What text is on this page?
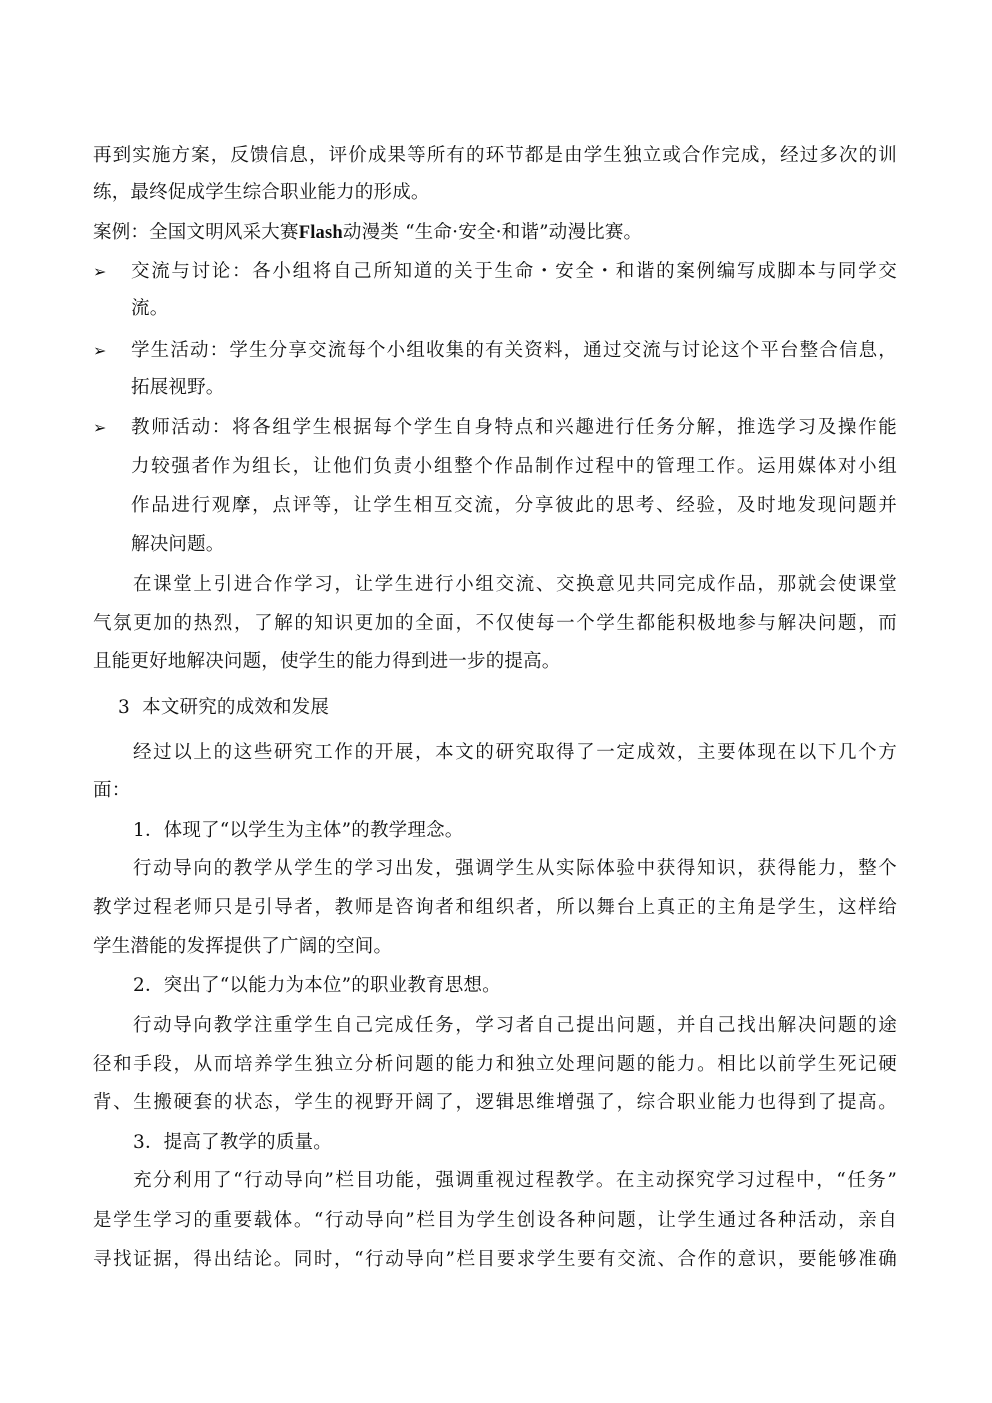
再到实施方案，反馈信息，评价成果等所有的环节都是由学生独立或合作完成，经过多次的训
练，最终促成学生综合职业能力的形成。
案例：全国文明风采大赛Flash动漫类 “生命·安全·和谐”动漫比赛。
➢ 交流与讨论：各小组将自己所知道的关于生命・安全・和谐的案例编写成脚本与同学交
流。
➢ 学生活动：学生分享交流每个小组收集的有关资料，通过交流与讨论这个平台整合信息，
拓展视野。
➢ 教师活动：将各组学生根据每个学生自身特点和兴趣进行任务分解，推选学习及操作能
力较强者作为组长，让他们负责小组整个作品制作过程中的管理工作。运用媒体对小组
作品进行观摩，点评等，让学生相互交流，分享彼此的思考、经验，及时地发现问题并
解决问题。
在课堂上引进合作学习，让学生进行小组交流、交换意见共同完成作品，那就会使课堂
气氛更加的热烈，了解的知识更加的全面，不仅使每一个学生都能积极地参与解决问题，而
且能更好地解决问题，使学生的能力得到进一步的提高。
3  本文研究的成效和发展
经过以上的这些研究工作的开展，本文的研究取得了一定成效，主要体现在以下几个方
面：
1．体现了“以学生为主体”的教学理念。
行动导向的教学从学生的学习出发，强调学生从实际体验中获得知识，获得能力，整个
教学过程老师只是引导者，教师是咨询者和组织者，所以舞台上真正的主角是学生，这样给
学生潜能的发挥提供了广阔的空间。
2．突出了“以能力为本位”的职业教育思想。
行动导向教学注重学生自己完成任务，学习者自己提出问题，并自己找出解决问题的途
径和手段，从而培养学生独立分析问题的能力和独立处理问题的能力。相比以前学生死记硬
背、生搬硬套的状态，学生的视野开阔了，逻辑思维增强了，综合职业能力也得到了提高。
3．提高了教学的质量。
充分利用了“行动导向”栏目功能，强调重视过程教学。在主动探究学习过程中，“任务”
是学生学习的重要载体。“行动导向”栏目为学生创设各种问题，让学生通过各种活动，亲自
寻找证据，得出结论。同时，“行动导向”栏目要求学生要有交流、合作的意识，要能够准确
